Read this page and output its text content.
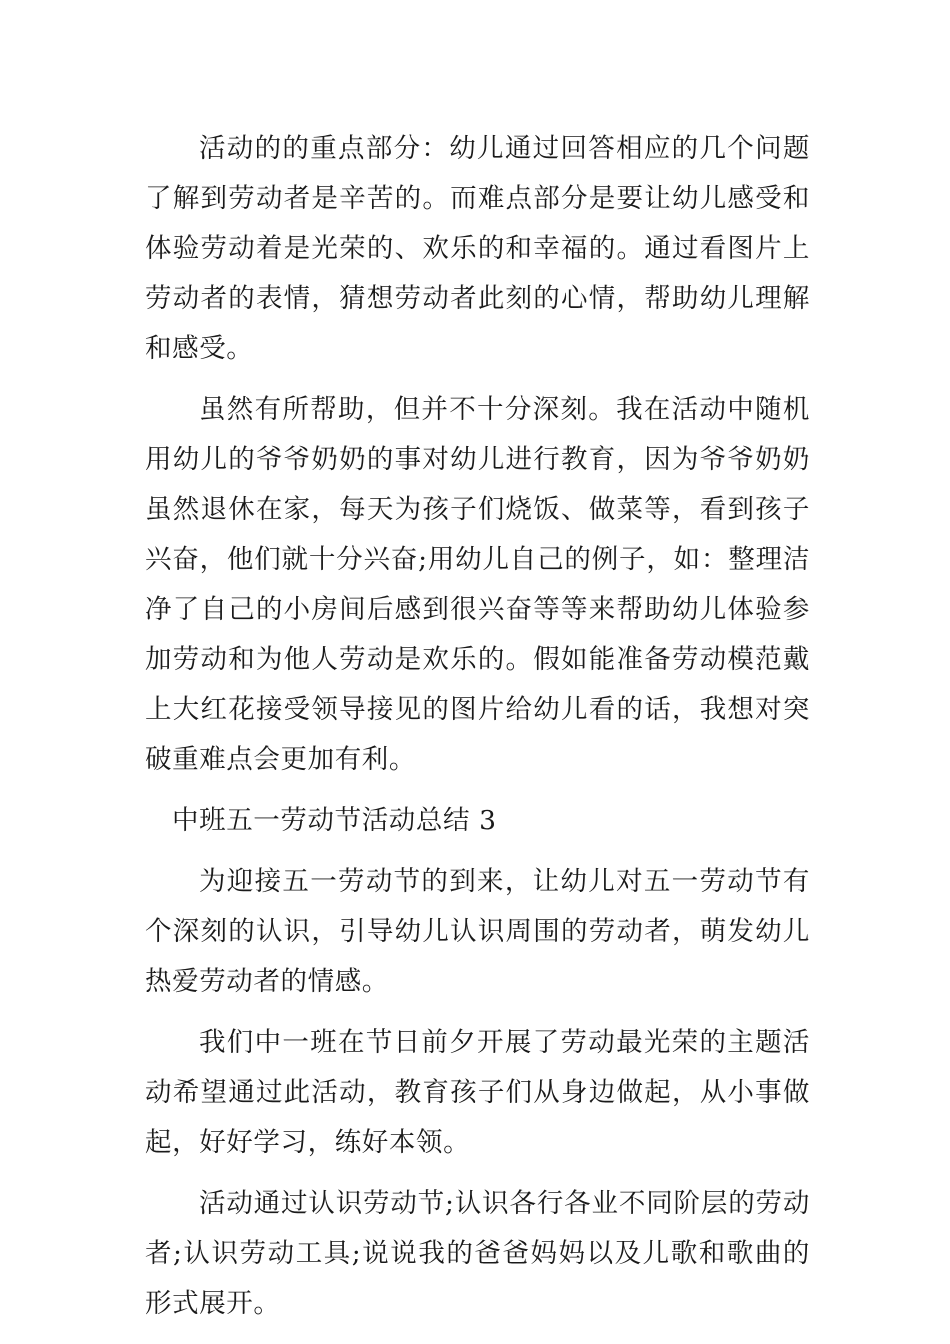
活动的的重点部分：幼儿通过回答相应的几个问题了解到劳动者是辛苦的。而难点部分是要让幼儿感受和体验劳动着是光荣的、欢乐的和幸福的。通过看图片上劳动者的表情，猜想劳动者此刻的心情，帮助幼儿理解和感受。

虽然有所帮助，但并不十分深刻。我在活动中随机用幼儿的爷爷奶奶的事对幼儿进行教育，因为爷爷奶奶虽然退休在家，每天为孩子们烧饭、做菜等，看到孩子兴奋，他们就十分兴奋;用幼儿自己的例子，如：整理洁净了自己的小房间后感到很兴奋等等来帮助幼儿体验参加劳动和为他人劳动是欢乐的。假如能准备劳动模范戴上大红花接受领导接见的图片给幼儿看的话，我想对突破重难点会更加有利。

中班五一劳动节活动总结 3

为迎接五一劳动节的到来，让幼儿对五一劳动节有个深刻的认识，引导幼儿认识周围的劳动者，萌发幼儿热爱劳动者的情感。

我们中一班在节日前夕开展了劳动最光荣的主题活动希望通过此活动，教育孩子们从身边做起，从小事做起，好好学习，练好本领。

活动通过认识劳动节;认识各行各业不同阶层的劳动者;认识劳动工具;说说我的爸爸妈妈以及儿歌和歌曲的形式展开。
